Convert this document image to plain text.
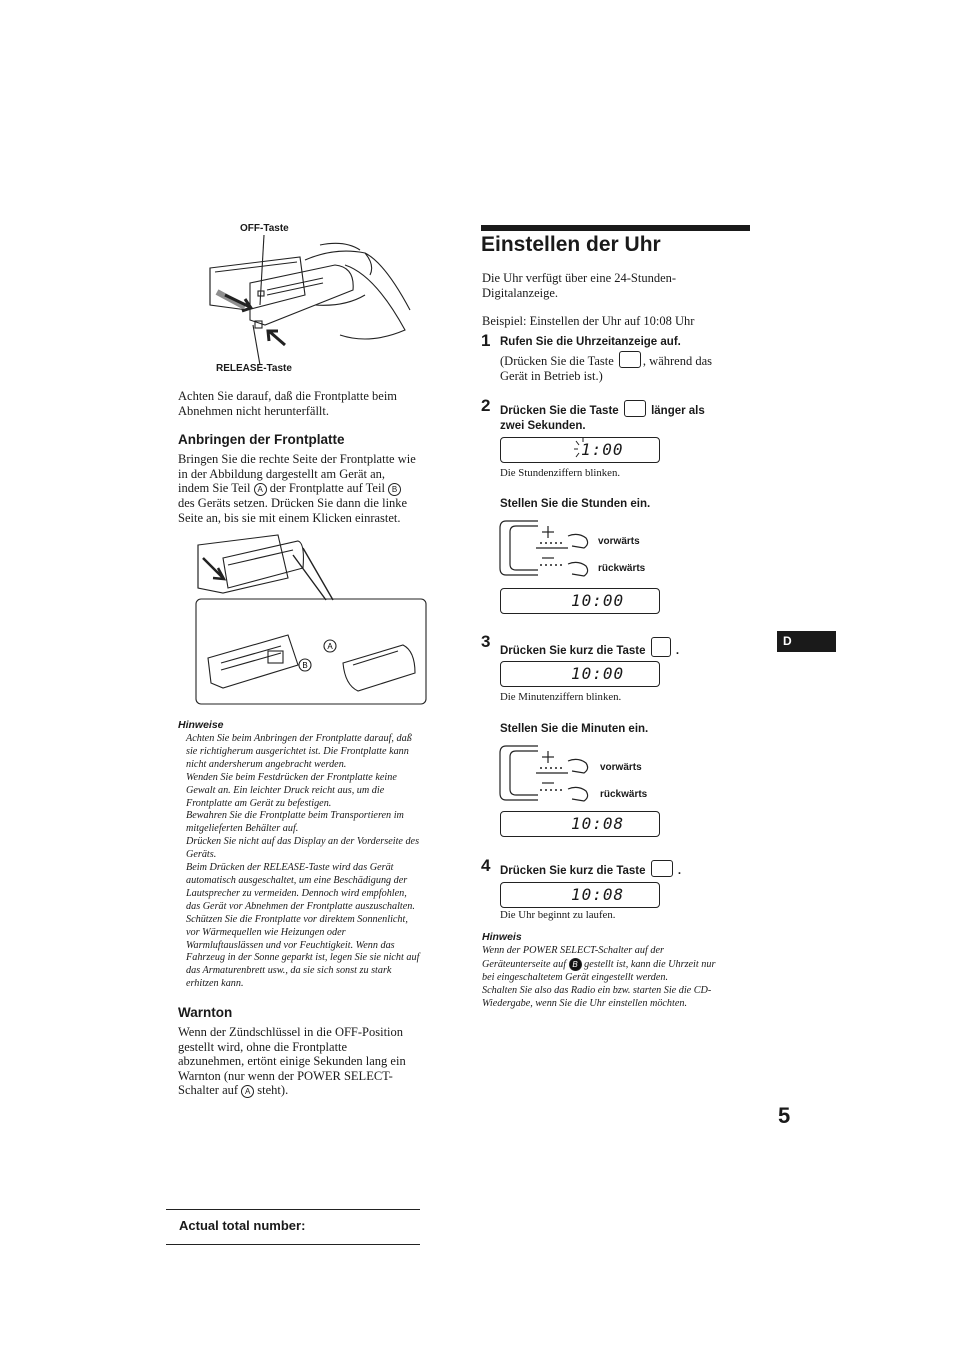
OFF-Taste
RELEASE-Taste
Achten Sie darauf, daß die Frontplatte beim Abnehmen nicht herunterfällt.
Anbringen der Frontplatte
Bringen Sie die rechte Seite der Frontplatte wie
in der Abbildung dargestellt am Gerät an,
indem Sie Teil A der Frontplatte auf Teil B
des Geräts setzen. Drücken Sie dann die linke
Seite an, bis sie mit einem Klicken einrastet.
B
A
Hinweise
Achten Sie beim Anbringen der Frontplatte darauf, daß
sie richtigherum ausgerichtet ist. Die Frontplatte kann
nicht andersherum angebracht werden.
Wenden Sie beim Festdrücken der Frontplatte keine
Gewalt an. Ein leichter Druck reicht aus, um die
Frontplatte am Gerät zu befestigen.
Bewahren Sie die Frontplatte beim Transportieren im
mitgelieferten Behälter auf.
Drücken Sie nicht auf das Display an der Vorderseite des
Geräts.
Beim Drücken der RELEASE-Taste wird das Gerät
automatisch ausgeschaltet, um eine Beschädigung der
Lautsprecher zu vermeiden. Dennoch wird empfohlen,
das Gerät vor Abnehmen der Frontplatte auszuschalten.
Schützen Sie die Frontplatte vor direktem Sonnenlicht,
vor Wärmequellen wie Heizungen oder
Warmluftauslässen und vor Feuchtigkeit. Wenn das
Fahrzeug in der Sonne geparkt ist, legen Sie sie nicht auf
das Armaturenbrett usw., da sie sich sonst zu stark
erhitzen kann.
Warnton
Wenn der Zündschlüssel in die OFF-Position
gestellt wird, ohne die Frontplatte
abzunehmen, ertönt einige Sekunden lang ein
Warnton (nur wenn der POWER SELECT-
Schalter auf A steht).
Einstellen der Uhr
Die Uhr verfügt über eine 24-Stunden-
Digitalanzeige.
Beispiel: Einstellen der Uhr auf 10:08 Uhr
1 Rufen Sie die Uhrzeitanzeige auf.
(Drücken Sie die Taste , während das
Gerät in Betrieb ist.)
2 Drücken Sie die Taste	länger als
zwei Sekunden.
1:00
Die Stundenziffern blinken.
Stellen Sie die Stunden ein.
vorwärts
rückwärts
10:00
3 Drücken Sie kurz die Taste	.
10:00
Die Minutenziffern blinken.
Stellen Sie die Minuten ein.
vorwärts
rückwärts
10:08
4 Drücken Sie kurz die Taste	.
10:08
Die Uhr beginnt zu laufen.
Hinweis
Wenn der POWER SELECT-Schalter auf der
Geräteunterseite auf B gestellt ist, kann die Uhrzeit nur
bei eingeschaltetem Gerät eingestellt werden.
Schalten Sie also das Radio ein bzw. starten Sie die CD-
Wiedergabe, wenn Sie die Uhr einstellen möchten.
D
5
Actual total number:
